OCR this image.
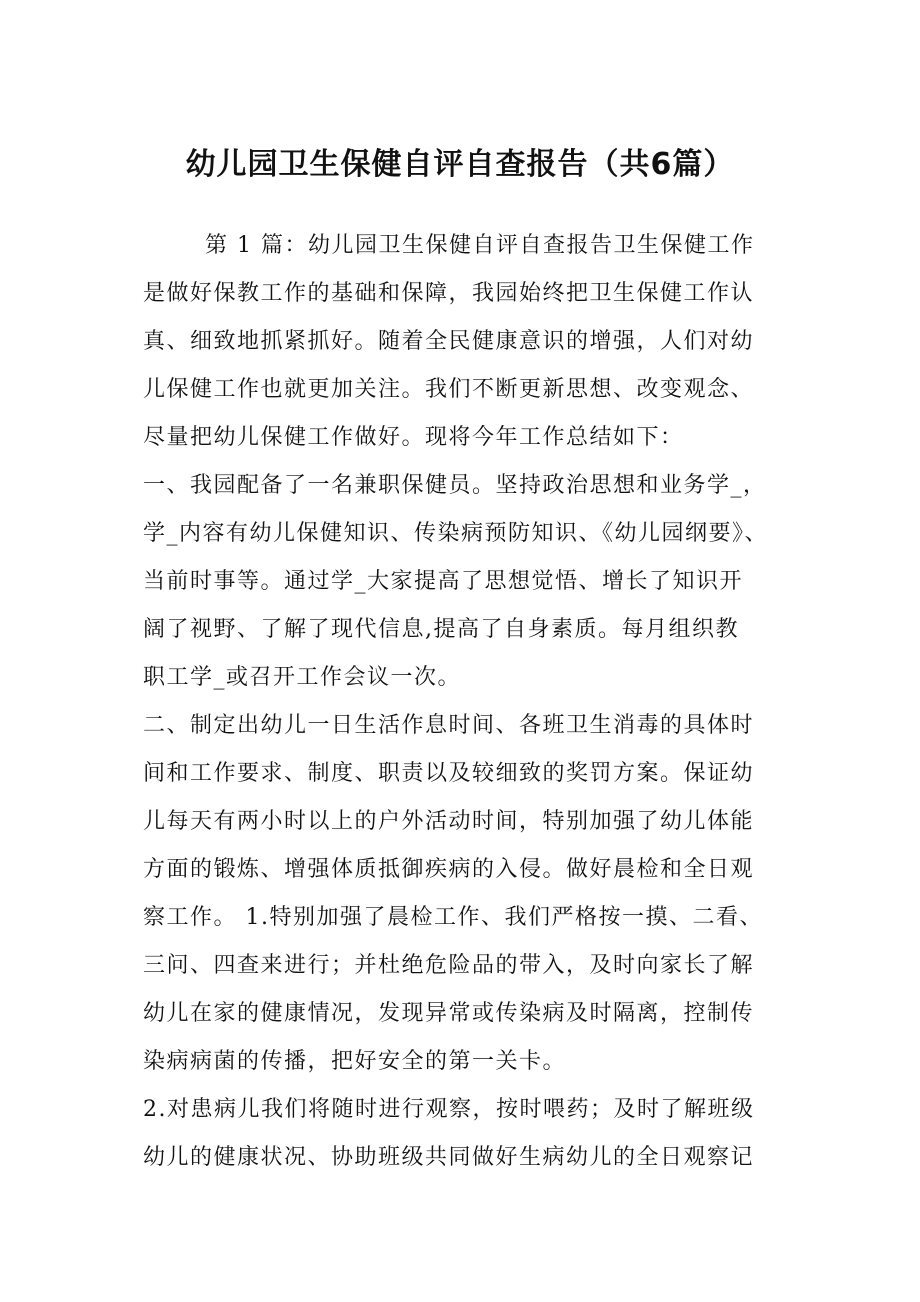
幼儿园卫生保健自评自查报告（共6篇）
第 1 篇：幼儿园卫生保健自评自查报告卫生保健工作
是做好保教工作的基础和保障，我园始终把卫生保健工作认
真、细致地抓紧抓好。随着全民健康意识的增强，人们对幼
儿保健工作也就更加关注。我们不断更新思想、改变观念、
尽量把幼儿保健工作做好。现将今年工作总结如下：
一、我园配备了一名兼职保健员。坚持政治思想和业务学_，
学_内容有幼儿保健知识、传染病预防知识、《幼儿园纲要》、
当前时事等。通过学_大家提高了思想觉悟、增长了知识开
阔了视野、了解了现代信息,提高了自身素质。每月组织教
职工学_或召开工作会议一次。
二、制定出幼儿一日生活作息时间、各班卫生消毒的具体时
间和工作要求、制度、职责以及较细致的奖罚方案。保证幼
儿每天有两小时以上的户外活动时间，特别加强了幼儿体能
方面的锻炼、增强体质抵御疾病的入侵。做好晨检和全日观
察工作。 1.特别加强了晨检工作、我们严格按一摸、二看、
三问、四查来进行；并杜绝危险品的带入，及时向家长了解
幼儿在家的健康情况，发现异常或传染病及时隔离，控制传
染病病菌的传播，把好安全的第一关卡。
2.对患病儿我们将随时进行观察，按时喂药；及时了解班级
幼儿的健康状况、协助班级共同做好生病幼儿的全日观察记
